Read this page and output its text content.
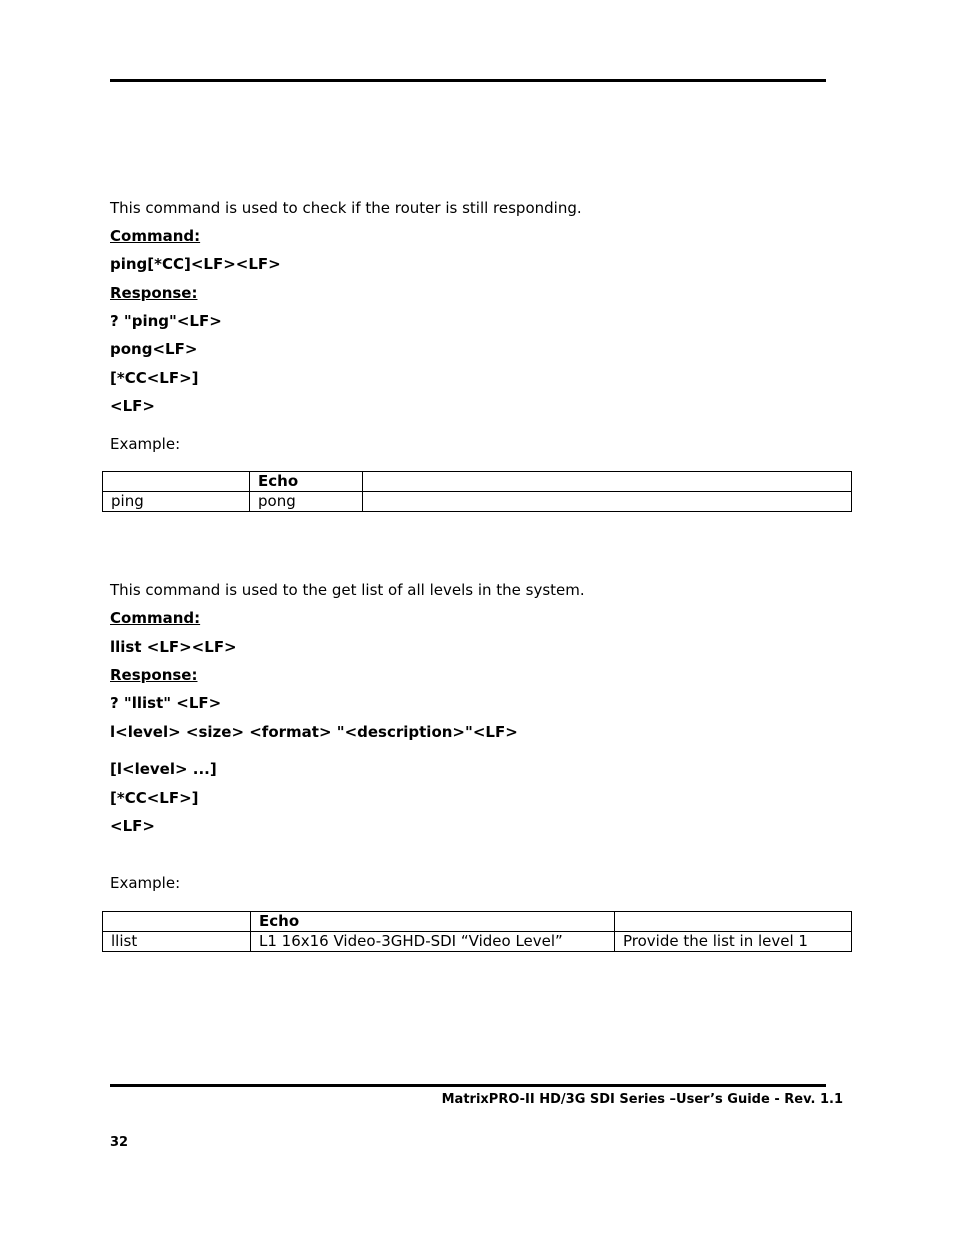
This command is used to check if the router is still responding.
Command:
ping[*CC]<LF><LF>
Response:
? "ping"<LF>
pong<LF>
[*CC<LF>]
<LF>
Example:
	Echo	
ping	pong	
This command is used to the get list of all levels in the system.
Command:
llist <LF><LF>
Response:
? "llist" <LF>
l<level> <size> <format> "<description>"<LF>
[l<level> ...]
[*CC<LF>]
<LF>
Example:
	Echo	
llist	L1 16x16 Video-3GHD-SDI “Video Level”	Provide the list in level 1
MatrixPRO-II HD/3G SDI Series –User’s Guide - Rev. 1.1
32
